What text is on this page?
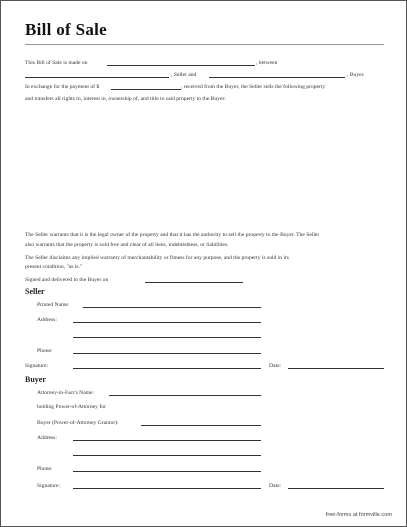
Bill of Sale
This Bill of Sale is made on	, between
, Seller and	, Buyer.
In exchange for the payment of $	, received from the Buyer, the Seller sells the following property
and transfers all rights to, interest in, ownership of, and title to said property to the Buyer:
The Seller warrants that it is the legal owner of the property and that it has the authority to sell the property to the Buyer. The Seller
also warrants that the property is sold free and clear of all liens, indebtedness, or liabilities.
The Seller disclaims any implied warranty of merchantability or fitness for any purpose, and the property is sold in its
present condition, "as is."
Signed and delivered to the Buyer on
Seller
Printed Name:
Address:
Phone:
Signature:	Date:
Buyer
Attorney-in-Fact's Name:
holding Power-of-Attorney for
Buyer (Power-of-Attorney Grantor):
Address:
Phone:
Signature:	Date:
free-forms at formville.com
